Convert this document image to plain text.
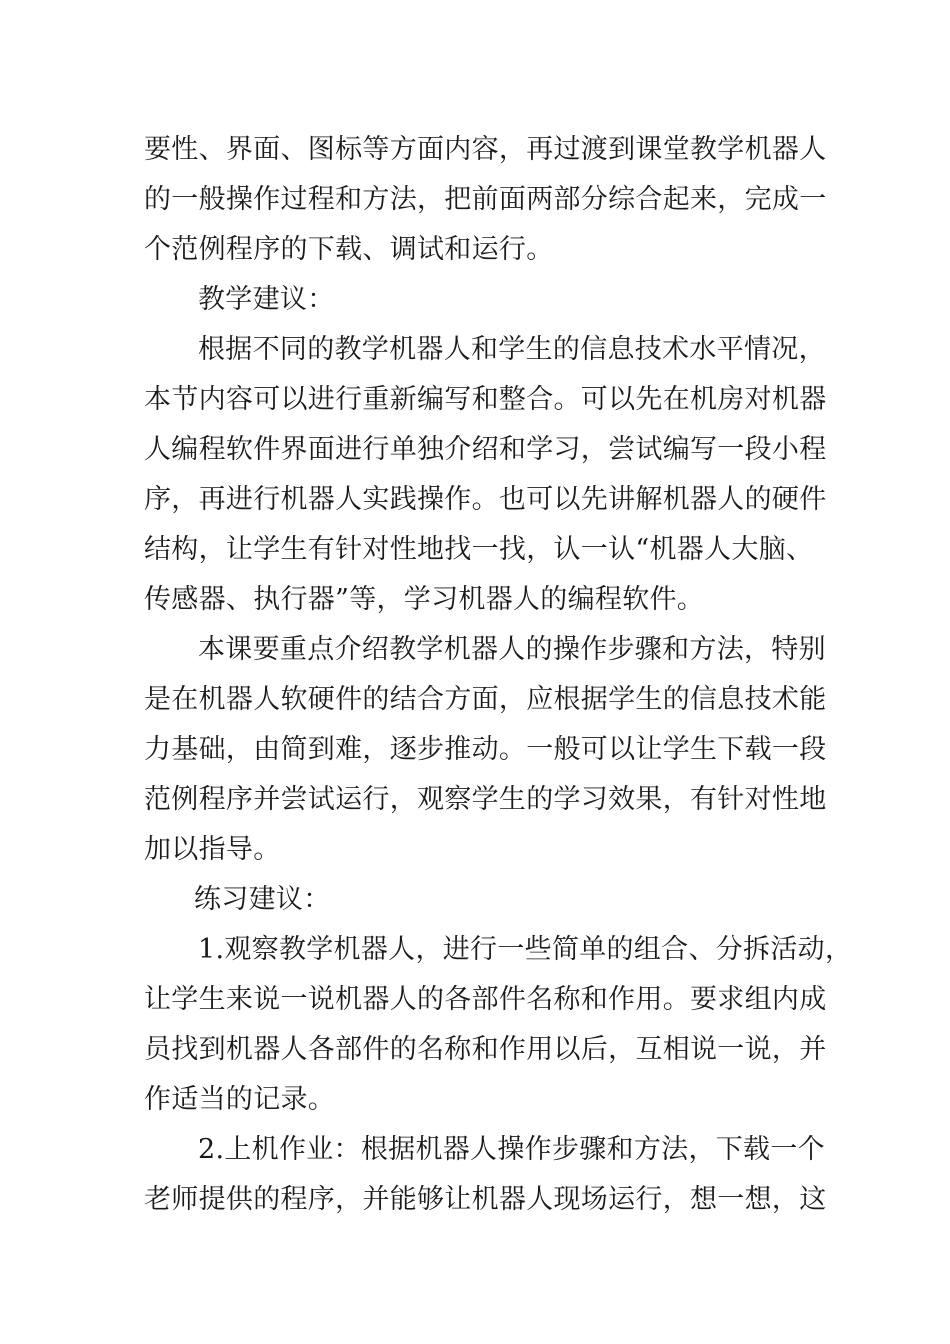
要性、界面、图标等方面内容，再过渡到课堂教学机器人
的一般操作过程和方法，把前面两部分综合起来，完成一
个范例程序的下载、调试和运行。
教学建议：
根据不同的教学机器人和学生的信息技术水平情况，
本节内容可以进行重新编写和整合。可以先在机房对机器
人编程软件界面进行单独介绍和学习，尝试编写一段小程
序，再进行机器人实践操作。也可以先讲解机器人的硬件
结构，让学生有针对性地找一找，认一认“机器人大脑、
传感器、执行器”等，学习机器人的编程软件。
本课要重点介绍教学机器人的操作步骤和方法，特别
是在机器人软硬件的结合方面，应根据学生的信息技术能
力基础，由简到难，逐步推动。一般可以让学生下载一段
范例程序并尝试运行，观察学生的学习效果，有针对性地
加以指导。
练习建议：
1.观察教学机器人，进行一些简单的组合、分拆活动，
让学生来说一说机器人的各部件名称和作用。要求组内成
员找到机器人各部件的名称和作用以后，互相说一说，并
作适当的记录。
2.上机作业：根据机器人操作步骤和方法，下载一个
老师提供的程序，并能够让机器人现场运行，想一想，这
